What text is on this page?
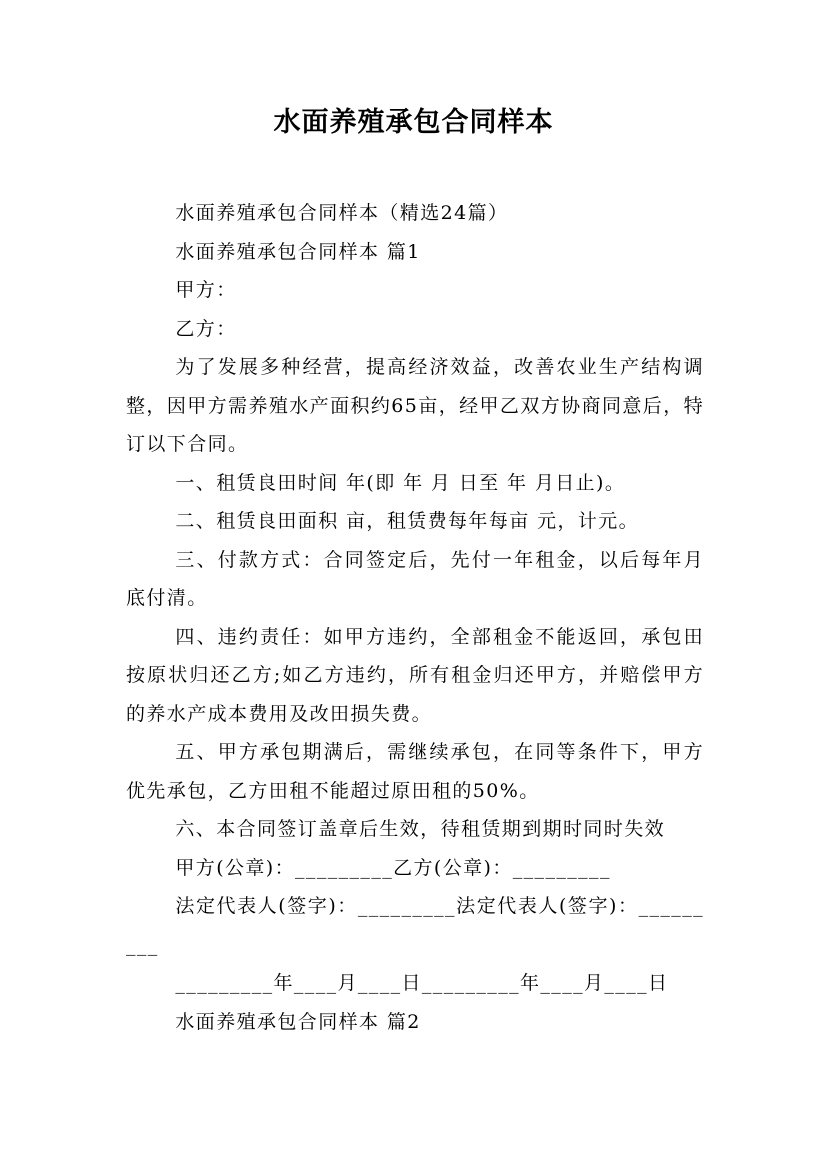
水面养殖承包合同样本

水面养殖承包合同样本（精选24篇）

水面养殖承包合同样本 篇1

甲方：

乙方：

为了发展多种经营，提高经济效益，改善农业生产结构调整，因甲方需养殖水产面积约65亩，经甲乙双方协商同意后，特订以下合同。

一、租赁良田时间 年(即 年 月 日至 年 月日止)。

二、租赁良田面积 亩，租赁费每年每亩 元，计元。

三、付款方式：合同签定后，先付一年租金，以后每年月底付清。

四、违约责任：如甲方违约，全部租金不能返回，承包田按原状归还乙方;如乙方违约，所有租金归还甲方，并赔偿甲方的养水产成本费用及改田损失费。

五、甲方承包期满后，需继续承包，在同等条件下，甲方优先承包，乙方田租不能超过原田租的50%。

六、本合同签订盖章后生效，待租赁期到期时同时失效

甲方(公章)：_________乙方(公章)：_________

法定代表人(签字)：_________法定代表人(签字)：_________

_________年____月____日_________年____月____日

水面养殖承包合同样本 篇2
